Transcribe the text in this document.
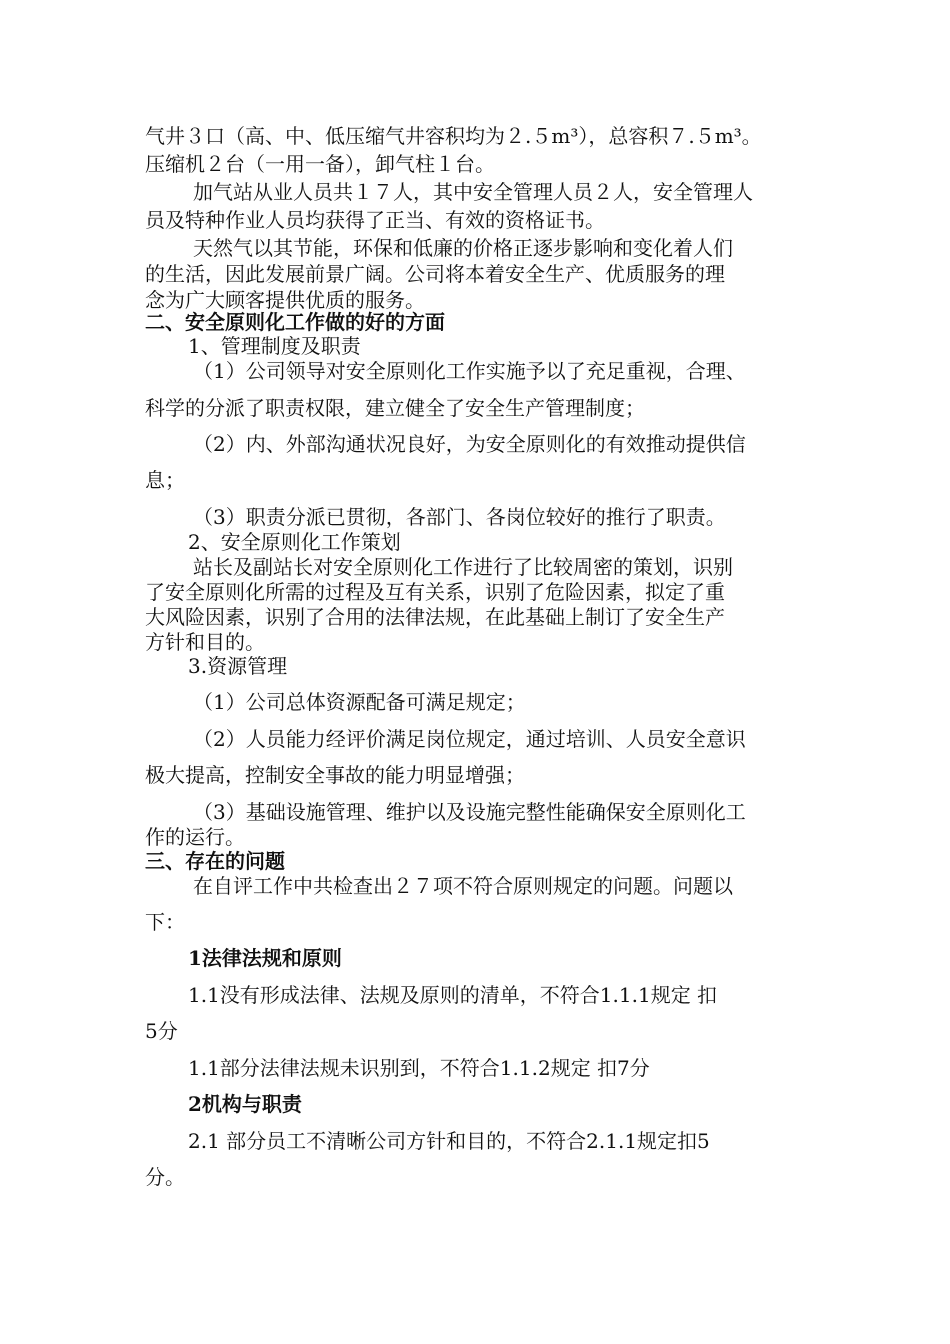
气井３口（高、中、低压缩气井容积均为２.５m³），总容积７.５m³。
压缩机２台（一用一备），卸气柱１台。
加气站从业人员共１７人，其中安全管理人员２人，安全管理人
员及特种作业人员均获得了正当、有效的资格证书。
天然气以其节能，环保和低廉的价格正逐步影响和变化着人们
的生活，因此发展前景广阔。公司将本着安全生产、优质服务的理
念为广大顾客提供优质的服务。
二、安全原则化工作做的好的方面
1、管理制度及职责
（1）公司领导对安全原则化工作实施予以了充足重视，合理、
科学的分派了职责权限，建立健全了安全生产管理制度；
（2）内、外部沟通状况良好，为安全原则化的有效推动提供信
息；
（3）职责分派已贯彻，各部门、各岗位较好的推行了职责。
2、安全原则化工作策划
站长及副站长对安全原则化工作进行了比较周密的策划，识别
了安全原则化所需的过程及互有关系，识别了危险因素，拟定了重
大风险因素，识别了合用的法律法规，在此基础上制订了安全生产
方针和目的。
3.资源管理
（1）公司总体资源配备可满足规定；
（2）人员能力经评价满足岗位规定，通过培训、人员安全意识
极大提高，控制安全事故的能力明显增强；
（3）基础设施管理、维护以及设施完整性能确保安全原则化工
作的运行。
三、存在的问题
在自评工作中共检查出２７项不符合原则规定的问题。问题以
下：
1法律法规和原则
1.1没有形成法律、法规及原则的清单，不符合1.1.1规定 扣
5分
1.1部分法律法规未识别到，不符合1.1.2规定 扣7分
2机构与职责
2.1 部分员工不清晰公司方针和目的，不符合2.1.1规定扣5
分。
